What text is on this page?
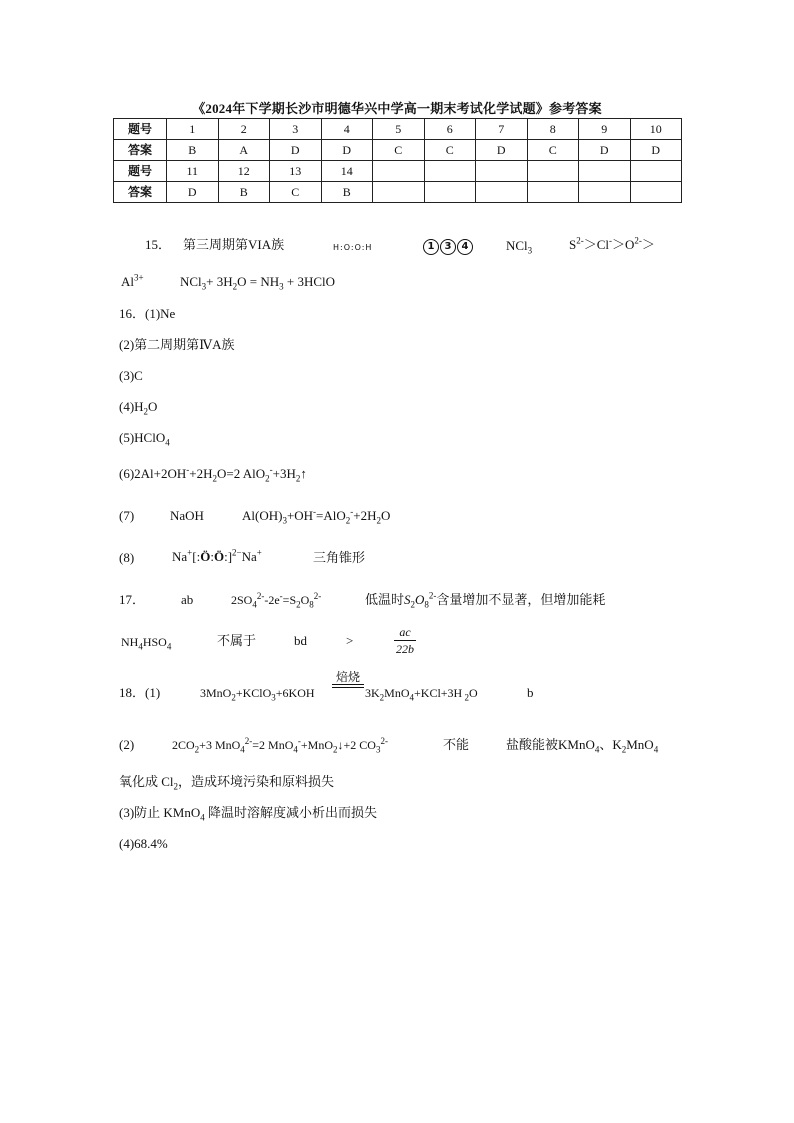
《2024年下学期长沙市明德华兴中学高一期末考试化学试题》参考答案
题号	1	2	3	4	5	6	7	8	9	10
答案	B	A	D	D	C	C	D	C	D	D
题号	11	12	13	14						
答案	D	B	C	B						
15． 第三周期第VIA族	H:O:O:H	1 3 4	NCl$_3$	$S^{2-}>Cl^->O^{2-}>$
$Al^{3+}$	$NCl_3+ 3H_2O = NH_3$ + 3HClO
16．(1)Ne
(2)第二周期第ⅣA族
(3)C
$(4)H_2O$
(5)HClO$_4$
$(6)2Al+2OH^-+2H_2O=2$ $AlO_2^-+3H_2↑$
(7)	NaOH	$Al(OH)_3+OH^-=AlO_2^-+2H_2O$
(8)	Na+[:Ö:Ö:]$^{2-}$Na+	三角锥形
17．	ab	$2SO_4^{2-}-2e^-=S_2O_8^{2-}$	低温时$S_2O_8^{2-}$含量增加不显著，但增加能耗
$NH_4HSO_4$	不属于	bd	>	$\frac{ac}{22b}$
18．(1)	3MnO$_2$+KClO$_3$+6KOH
焙烧
$3K_2MnO_4+KCl+3H$ $_2$O	b
(2)	$2CO_2+3$ MnO$_4^{2-}$=2 MnO$_4$-+MnO$_2$↓+2 $CO_3^{2-}$	不能	盐酸能被KMnO$_4$、$K_2MnO_4$
氧化成 $Cl_2$，造成环境污染和原料损失
(3)防止 KMnO$_4$ 降温时溶解度减小析出而损失
(4)68.4%
